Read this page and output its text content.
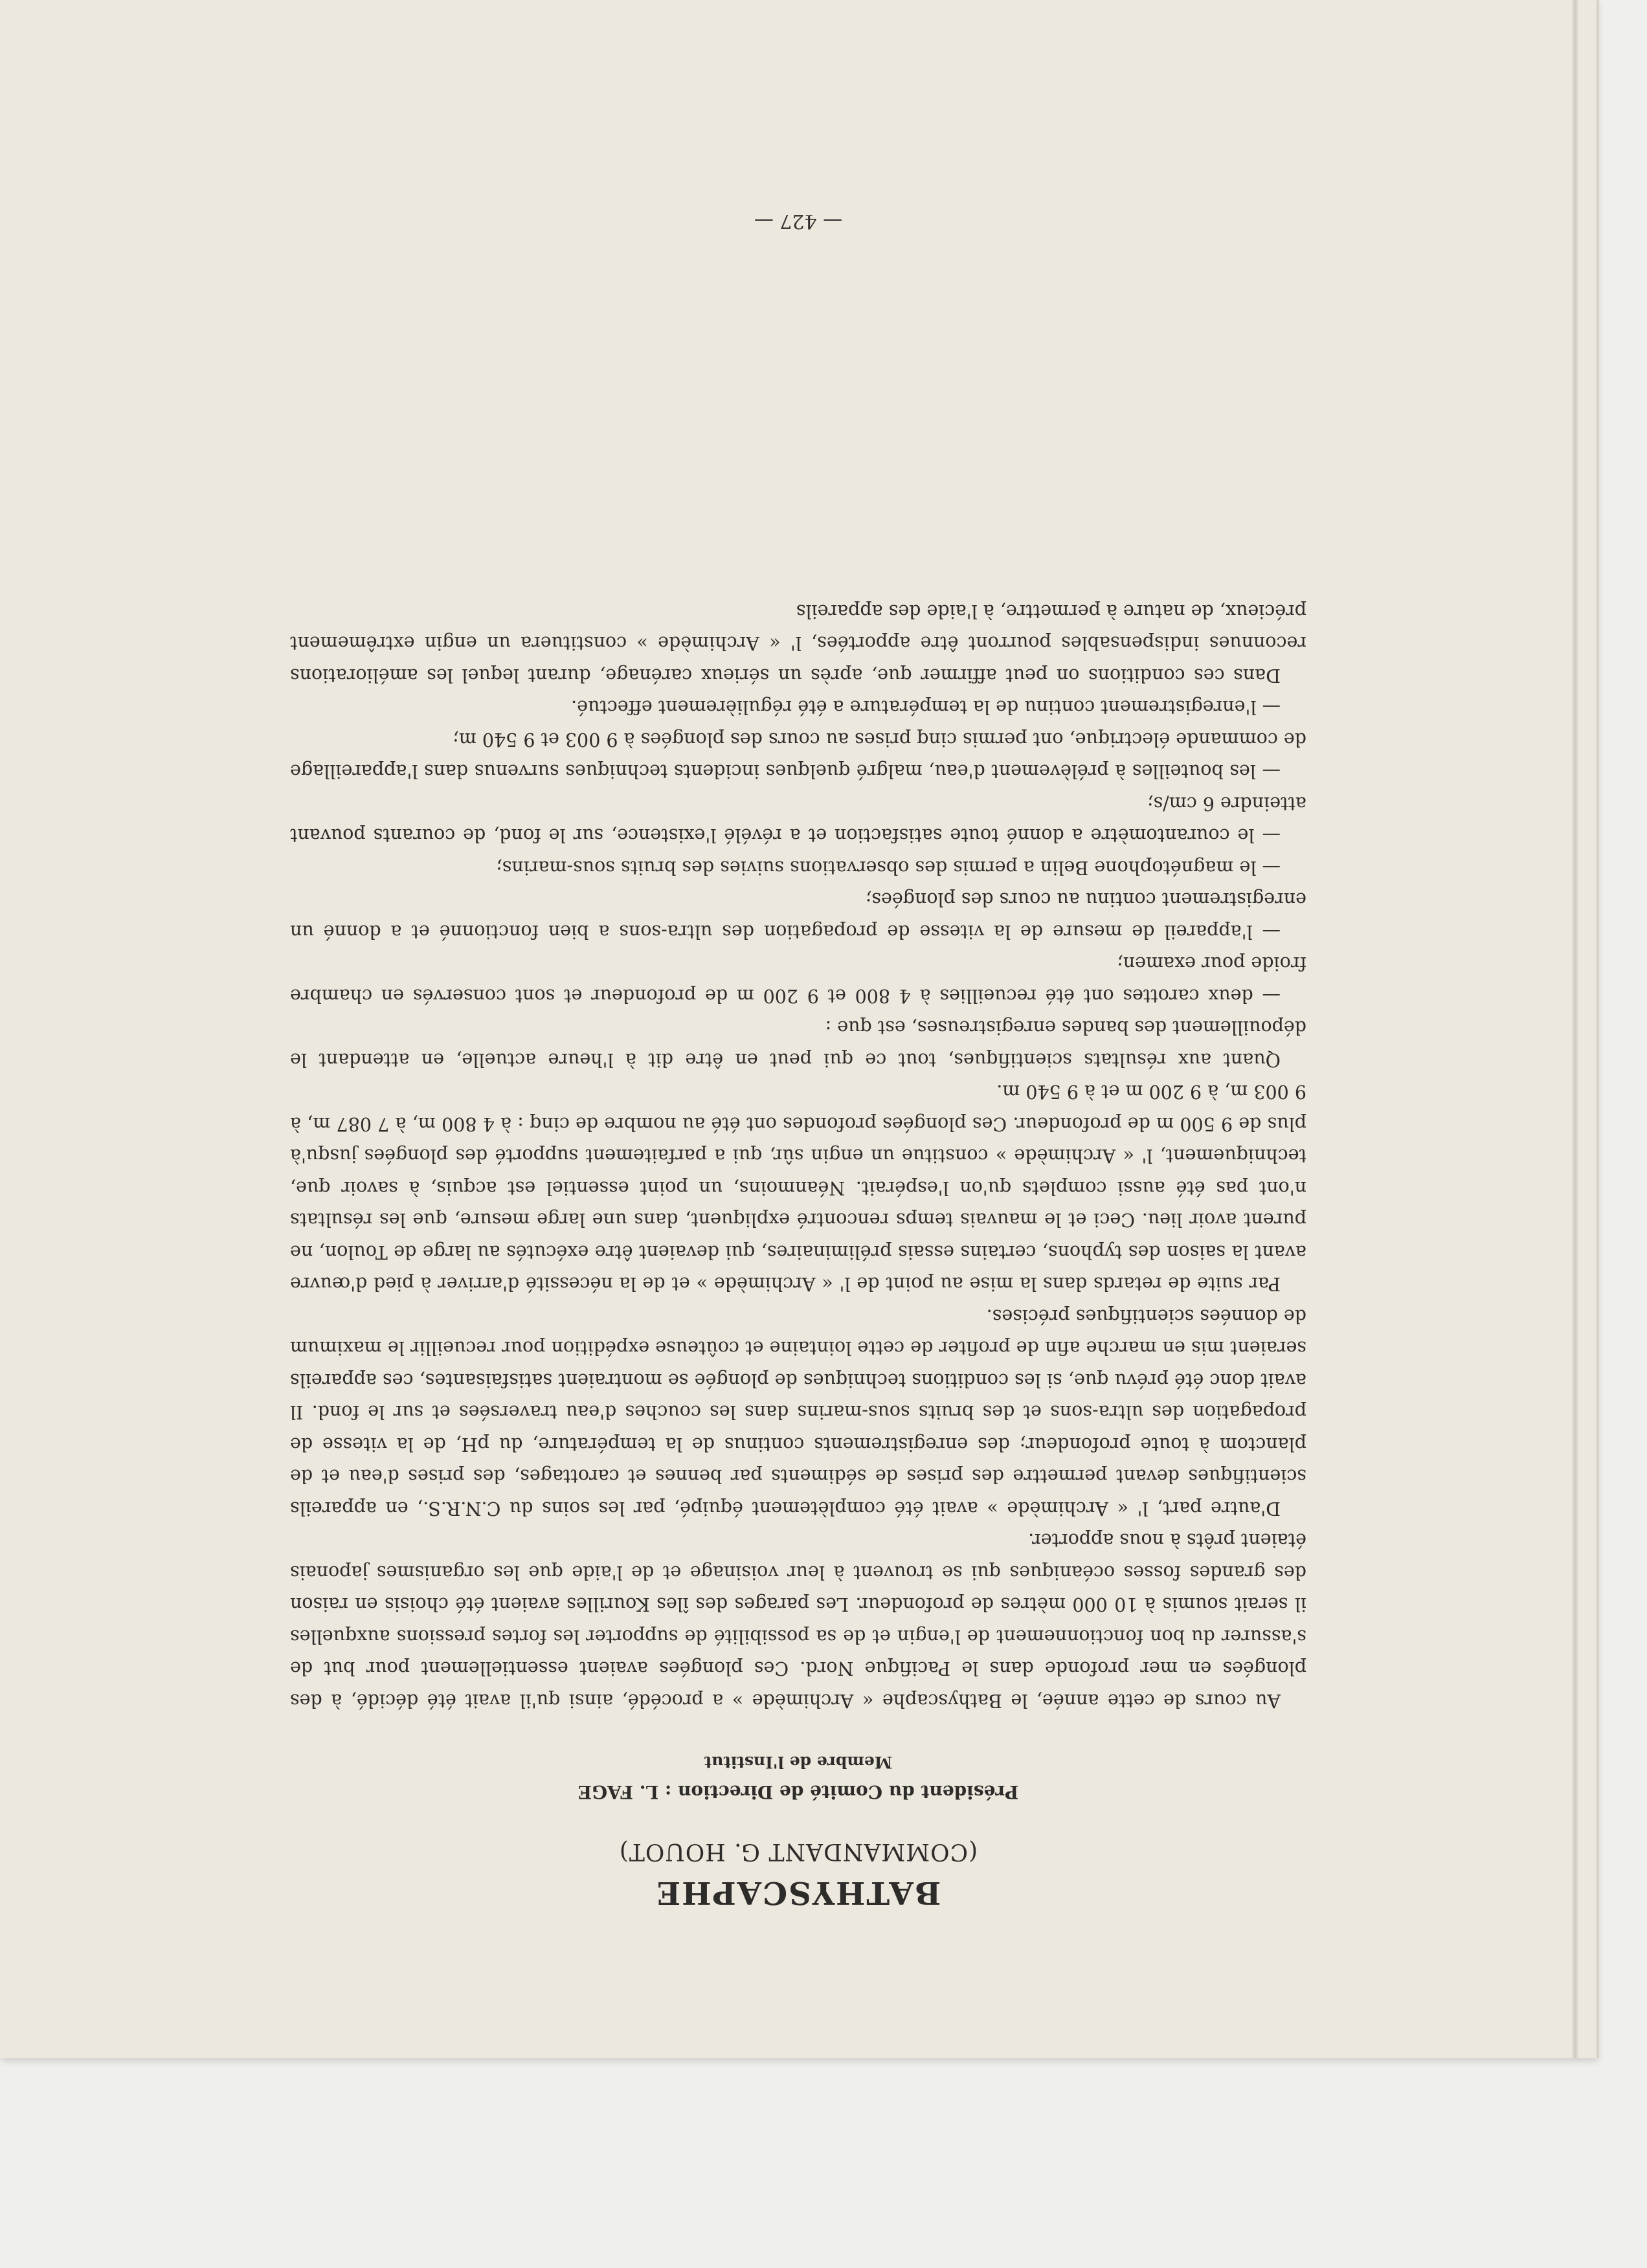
BATHYSCAPHE
(COMMANDANT G. HOUOT)
Président du Comité de Direction : L. FAGE
Membre de l'Institut

Au cours de cette année, le Bathyscaphe « Archimède » a procédé, ainsi qu'il avait été décidé, à des plongées en mer profonde dans le Pacifique Nord. Ces plongées avaient essentiellement pour but de s'assurer du bon fonctionnement de l'engin et de sa possibilité de supporter les fortes pressions auxquelles il serait soumis à 10 000 mètres de profondeur. Les parages des îles Kourilles avaient été choisis en raison des grandes fosses océaniques qui se trouvent à leur voisinage et de l'aide que les organismes japonais étaient prêts à nous apporter.

D'autre part, l' « Archimède » avait été complètement équipé, par les soins du C.N.R.S., en appareils scientifiques devant permettre des prises de sédiments par bennes et carottages, des prises d'eau et de planctom à toute profondeur; des enregistrements continus de la température, du pH, de la vitesse de propagation des ultra-sons et des bruits sous-marins dans les couches d'eau traversées et sur le fond. Il avait donc été prévu que, si les conditions techniques de plongée se montraient satisfaisantes, ces appareils seraient mis en marche afin de profiter de cette lointaine et coûteuse expédition pour recueillir le maximum de données scientifiques précises.

Par suite de retards dans la mise au point de l' « Archimède » et de la nécessité d'arriver à pied d'œuvre avant la saison des typhons, certains essais préliminaires, qui devaient être exécutés au large de Toulon, ne purent avoir lieu. Ceci et le mauvais temps rencontré expliquent, dans une large mesure, que les résultats n'ont pas été aussi complets qu'on l'espérait. Néanmoins, un point essentiel est acquis, à savoir que, techniquement, l' « Archimède » constitue un engin sûr, qui a parfaitement supporté des plongées jusqu'à plus de 9 500 m de profondeur. Ces plongées profondes ont été au nombre de cinq : à 4 800 m, à 7 087 m, à 9 003 m, à 9 200 m et à 9 540 m.

Quant aux résultats scientifiques, tout ce qui peut en être dit à l'heure actuelle, en attendant le dépouillement des bandes enregistreuses, est que :

— deux carottes ont été recueillies à 4 800 et 9 200 m de profondeur et sont conservés en chambre froide pour examen;

— l'appareil de mesure de la vitesse de propagation des ultra-sons a bien fonctionné et a donné un enregistrement continu au cours des plongées;

— le magnétophone Belin a permis des observations suivies des bruits sous-marins;

— le courantomètre a donné toute satisfaction et a révélé l'existence, sur le fond, de courants pouvant atteindre 6 cm/s;

— les bouteilles à prélèvement d'eau, malgré quelques incidents techniques survenus dans l'appareillage de commande électrique, ont permis cinq prises au cours des plongées à 9 003 et 9 540 m;

— l'enregistrement continu de la température a été régulièrement effectué.

Dans ces conditions on peut affirmer que, après un sérieux carénage, durant lequel les améliorations reconnues indispensables pourront être apportées, l' « Archimède » constituera un engin extrêmement précieux, de nature à permettre, à l'aide des appareils

— 427 —
